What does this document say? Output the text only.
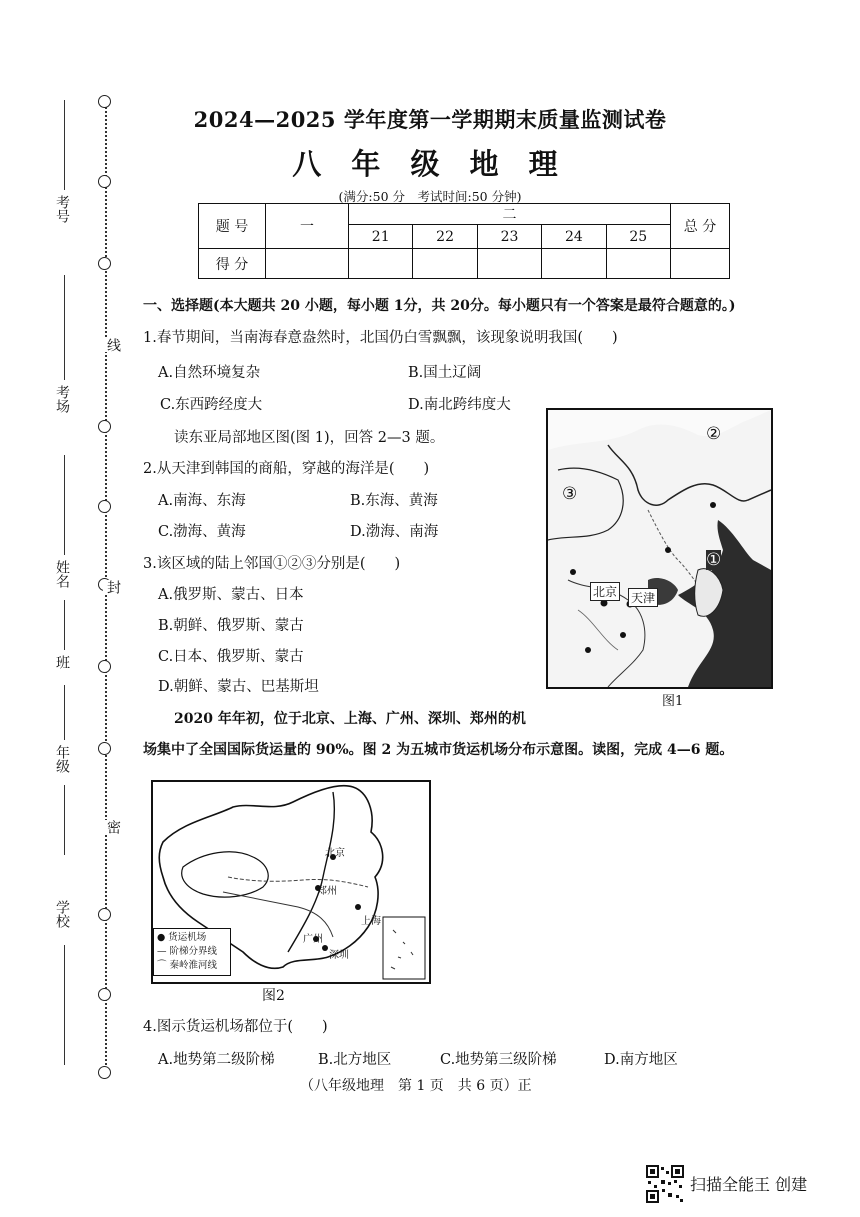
考号
考场
姓名
班
年级
学校
线
封
密
2024—2025 学年度第一学期期末质量监测试卷
八 年 级 地 理
(满分:50 分　考试时间:50 分钟)
题 号	一	二					总 分
		21	22	23	24	25	
得 分							
一、选择题(本大题共 20 小题，每小题 1分，共 20分。每小题只有一个答案是最符合题意的。)
1.春节期间，当南海春意盎然时，北国仍白雪飘飘，该现象说明我国(　　)
A.自然环境复杂	B.国土辽阔
C.东西跨经度大	D.南北跨纬度大
读东亚局部地区图(图 1)，回答 2—3 题。
2.从天津到韩国的商船，穿越的海洋是(　　)
A.南海、东海	B.东海、黄海
C.渤海、黄海	D.渤海、南海
3.该区域的陆上邻国①②③分别是(　　)
A.俄罗斯、蒙古、日本
B.朝鲜、俄罗斯、蒙古
C.日本、俄罗斯、蒙古
D.朝鲜、蒙古、巴基斯坦
②
③
①
北京 天津
图1
2020 年年初，位于北京、上海、广州、深圳、郑州的机
场集中了全国国际货运量的 90%。图 2 为五城市货运机场分布示意图。读图，完成 4—6 题。
北京
郑州
上海
广州
深圳
● 货运机场
— 阶梯分界线
⌒ 秦岭淮河线
图2
4.图示货运机场都位于(　　)
A.地势第二级阶梯	B.北方地区	C.地势第三级阶梯	D.南方地区
（八年级地理　第 1 页　共 6 页）正
扫描全能王 创建
